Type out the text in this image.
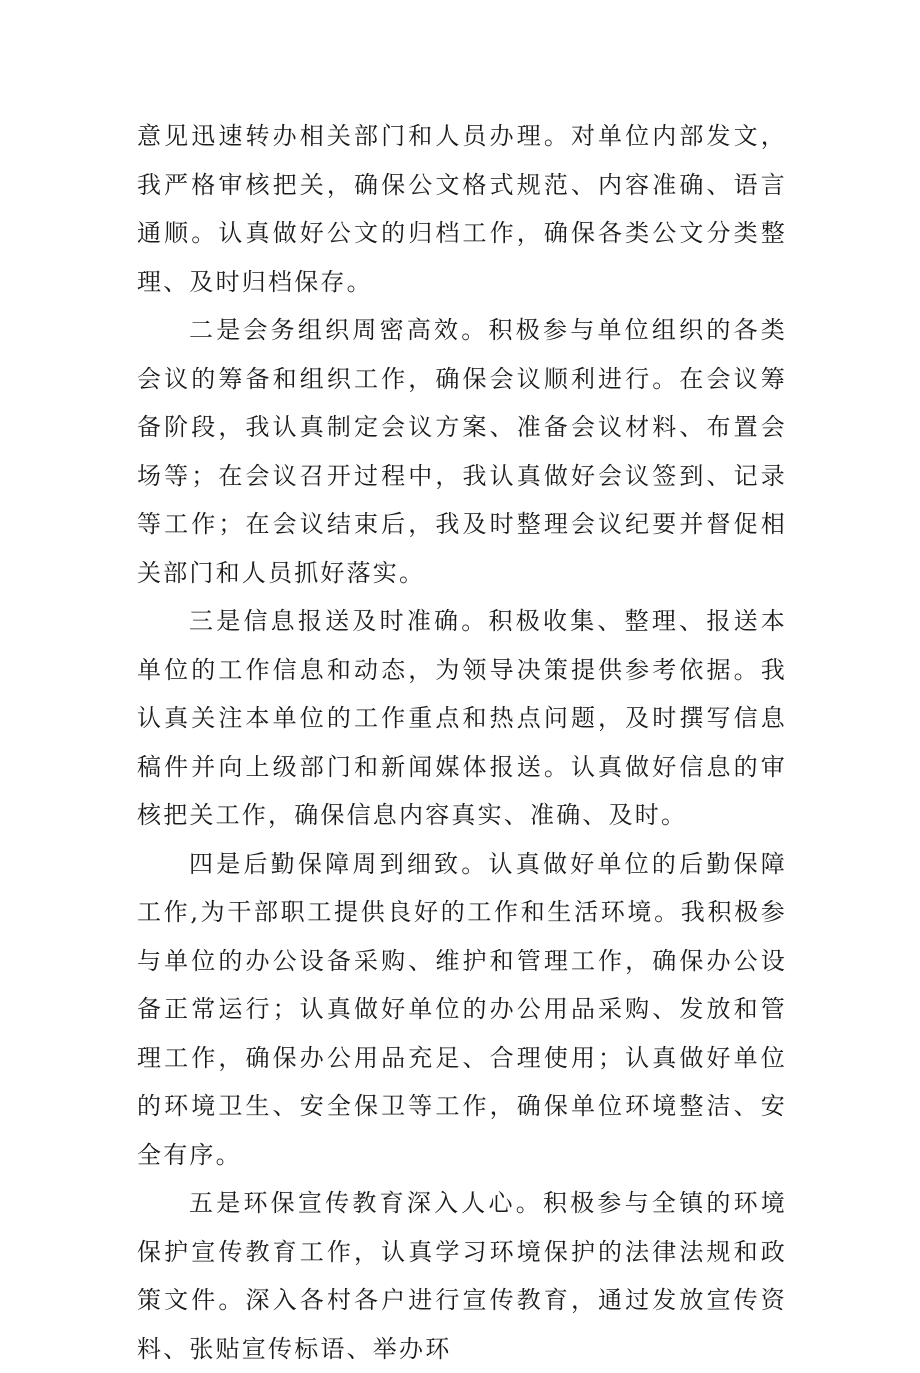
意见迅速转办相关部门和人员办理。对单位内部发文，我严格审核把关，确保公文格式规范、内容准确、语言通顺。认真做好公文的归档工作，确保各类公文分类整理、及时归档保存。

二是会务组织周密高效。积极参与单位组织的各类会议的筹备和组织工作，确保会议顺利进行。在会议筹备阶段，我认真制定会议方案、准备会议材料、布置会场等；在会议召开过程中，我认真做好会议签到、记录等工作；在会议结束后，我及时整理会议纪要并督促相关部门和人员抓好落实。

三是信息报送及时准确。积极收集、整理、报送本单位的工作信息和动态，为领导决策提供参考依据。我认真关注本单位的工作重点和热点问题，及时撰写信息稿件并向上级部门和新闻媒体报送。认真做好信息的审核把关工作，确保信息内容真实、准确、及时。

四是后勤保障周到细致。认真做好单位的后勤保障工作,为干部职工提供良好的工作和生活环境。我积极参与单位的办公设备采购、维护和管理工作，确保办公设备正常运行；认真做好单位的办公用品采购、发放和管理工作，确保办公用品充足、合理使用；认真做好单位的环境卫生、安全保卫等工作，确保单位环境整洁、安全有序。

五是环保宣传教育深入人心。积极参与全镇的环境保护宣传教育工作，认真学习环境保护的法律法规和政策文件。深入各村各户进行宣传教育，通过发放宣传资料、张贴宣传标语、举办环
